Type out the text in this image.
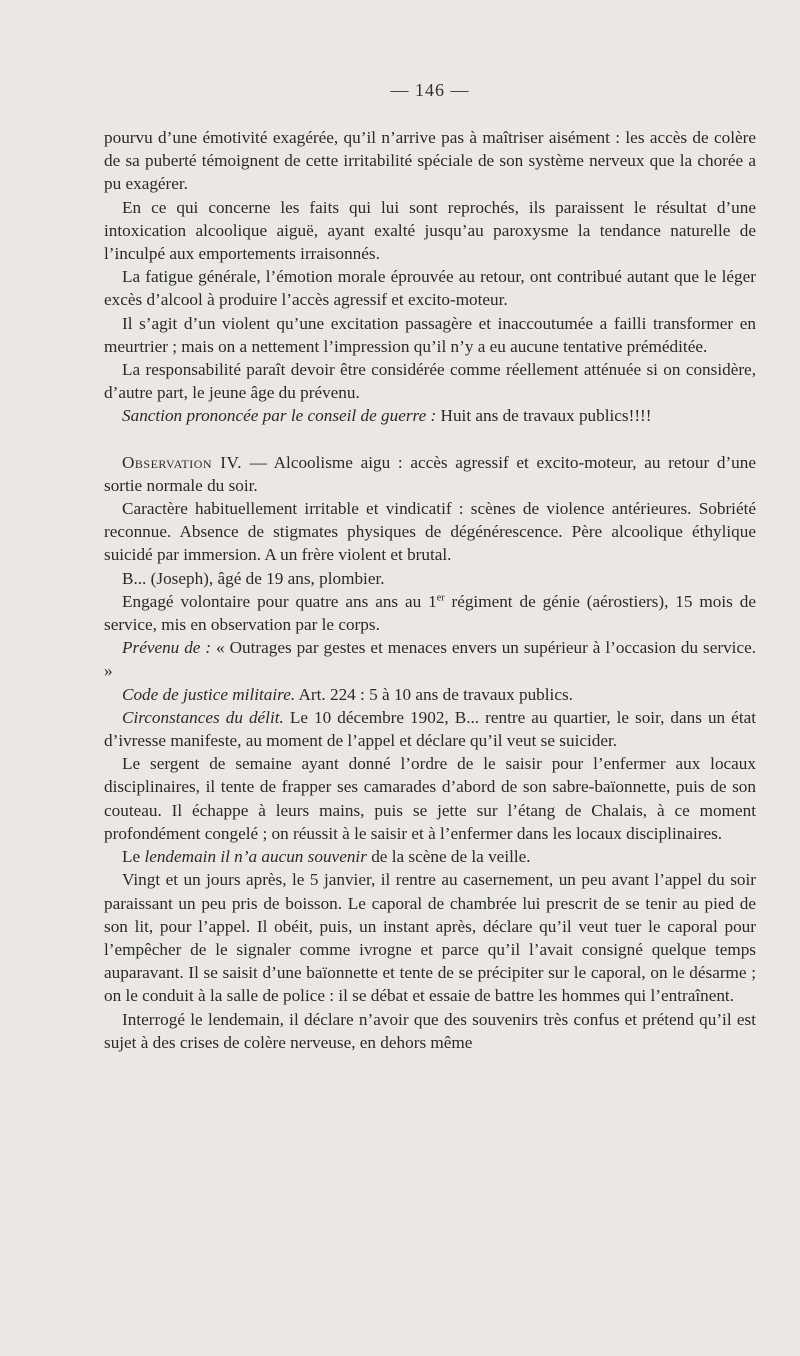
— 146 —

pourvu d’une émotivité exagérée, qu’il n’arrive pas à maîtriser aisément : les accès de colère de sa puberté témoignent de cette irritabilité spéciale de son système nerveux que la chorée a pu exagérer.

En ce qui concerne les faits qui lui sont reprochés, ils paraissent le résultat d’une intoxication alcoolique aiguë, ayant exalté jusqu’au paroxysme la tendance naturelle de l’inculpé aux emportements irraisonnés.

La fatigue générale, l’émotion morale éprouvée au retour, ont contribué autant que le léger excès d’alcool à produire l’accès agressif et excito-moteur.

Il s’agit d’un violent qu’une excitation passagère et inaccoutumée a failli transformer en meurtrier ; mais on a nettement l’impression qu’il n’y a eu aucune tentative préméditée.

La responsabilité paraît devoir être considérée comme réellement atténuée si on considère, d’autre part, le jeune âge du prévenu.

Sanction prononcée par le conseil de guerre : Huit ans de travaux publics!!!!

Observation IV. — Alcoolisme aigu : accès agressif et excito-moteur, au retour d’une sortie normale du soir.

Caractère habituellement irritable et vindicatif : scènes de violence antérieures. Sobriété reconnue. Absence de stigmates physiques de dégénérescence. Père alcoolique éthylique suicidé par immersion. A un frère violent et brutal.

B... (Joseph), âgé de 19 ans, plombier.

Engagé volontaire pour quatre ans ans au 1er régiment de génie (aérostiers), 15 mois de service, mis en observation par le corps.

Prévenu de : « Outrages par gestes et menaces envers un supérieur à l’occasion du service. »

Code de justice militaire. Art. 224 : 5 à 10 ans de travaux publics.

Circonstances du délit. Le 10 décembre 1902, B... rentre au quartier, le soir, dans un état d’ivresse manifeste, au moment de l’appel et déclare qu’il veut se suicider.

Le sergent de semaine ayant donné l’ordre de le saisir pour l’enfermer aux locaux disciplinaires, il tente de frapper ses camarades d’abord de son sabre-baïonnette, puis de son couteau. Il échappe à leurs mains, puis se jette sur l’étang de Chalais, à ce moment profondément congelé ; on réussit à le saisir et à l’enfermer dans les locaux disciplinaires.

Le lendemain il n’a aucun souvenir de la scène de la veille.

Vingt et un jours après, le 5 janvier, il rentre au casernement, un peu avant l’appel du soir paraissant un peu pris de boisson. Le caporal de chambrée lui prescrit de se tenir au pied de son lit, pour l’appel. Il obéit, puis, un instant après, déclare qu’il veut tuer le caporal pour l’empêcher de le signaler comme ivrogne et parce qu’il l’avait consigné quelque temps auparavant. Il se saisit d’une baïonnette et tente de se précipiter sur le caporal, on le désarme ; on le conduit à la salle de police : il se débat et essaie de battre les hommes qui l’entraînent.

Interrogé le lendemain, il déclare n’avoir que des souvenirs très confus et prétend qu’il est sujet à des crises de colère nerveuse, en dehors même
